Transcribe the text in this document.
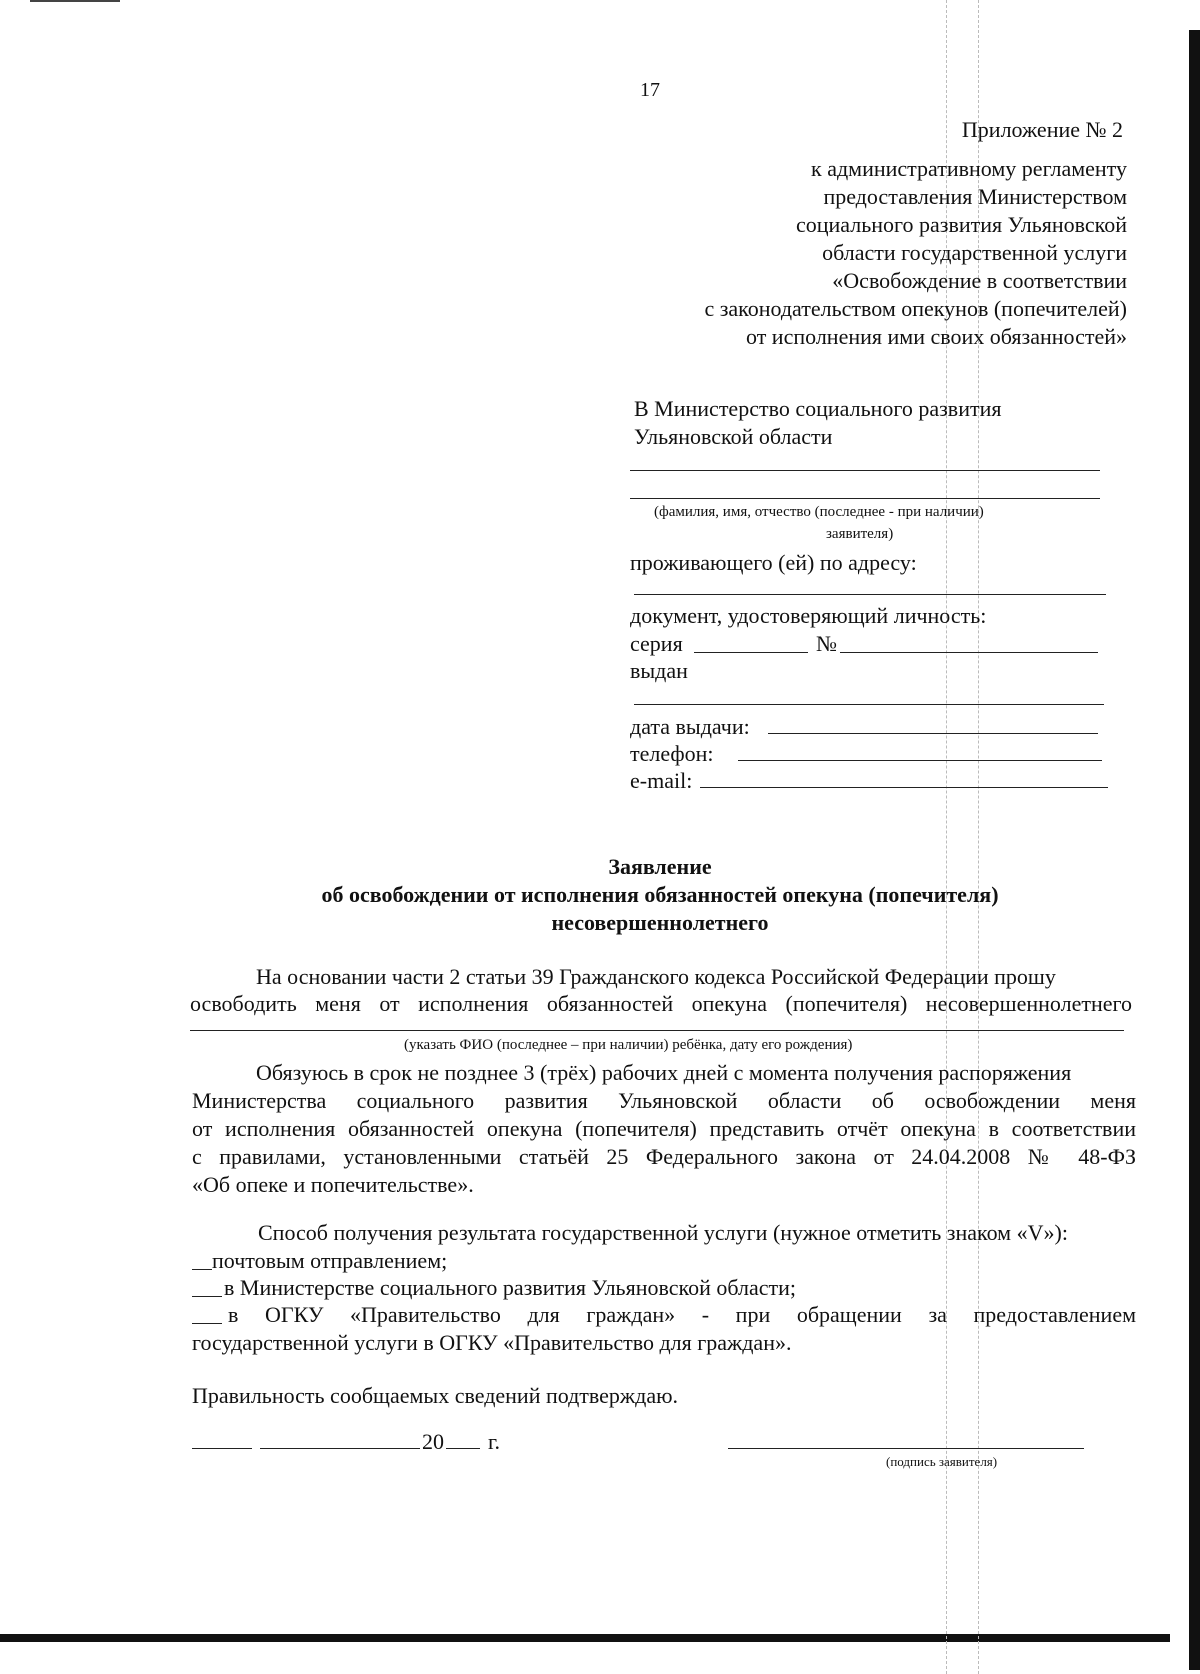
17
Приложение № 2
к административному регламенту
предоставления Министерством
социального развития Ульяновской
области государственной услуги
«Освобождение в соответствии
с законодательством опекунов (попечителей)
от исполнения ими своих обязанностей»
В Министерство социального развития
Ульяновской области
(фамилия, имя, отчество (последнее - при наличии)
заявителя)
проживающего (ей) по адресу:
документ, удостоверяющий личность:
серия	№
выдан
дата выдачи:
телефон:
e-mail:
Заявление
об освобождении от исполнения обязанностей опекуна (попечителя)
несовершеннолетнего
На основании части 2 статьи 39 Гражданского кодекса Российской Федерации прошу
освободить меня от исполнения обязанностей опекуна (попечителя) несовершеннолетнего
(указать ФИО (последнее – при наличии) ребёнка, дату его рождения)
Обязуюсь в срок не позднее 3 (трёх) рабочих дней с момента получения распоряжения
Министерства социального развития Ульяновской области об освобождении меня
от исполнения обязанностей опекуна (попечителя) представить отчёт опекуна в соответствии
с правилами, установленными статьёй 25 Федерального закона от 24.04.2008 № 48-ФЗ
«Об опеке и попечительстве».
Способ получения результата государственной услуги (нужное отметить знаком «V»):
почтовым отправлением;
в Министерстве социального развития Ульяновской области;
в ОГКУ «Правительство для граждан» - при обращении за предоставлением
государственной услуги в ОГКУ «Правительство для граждан».
Правильность сообщаемых сведений подтверждаю.
20 г.
(подпись заявителя)
